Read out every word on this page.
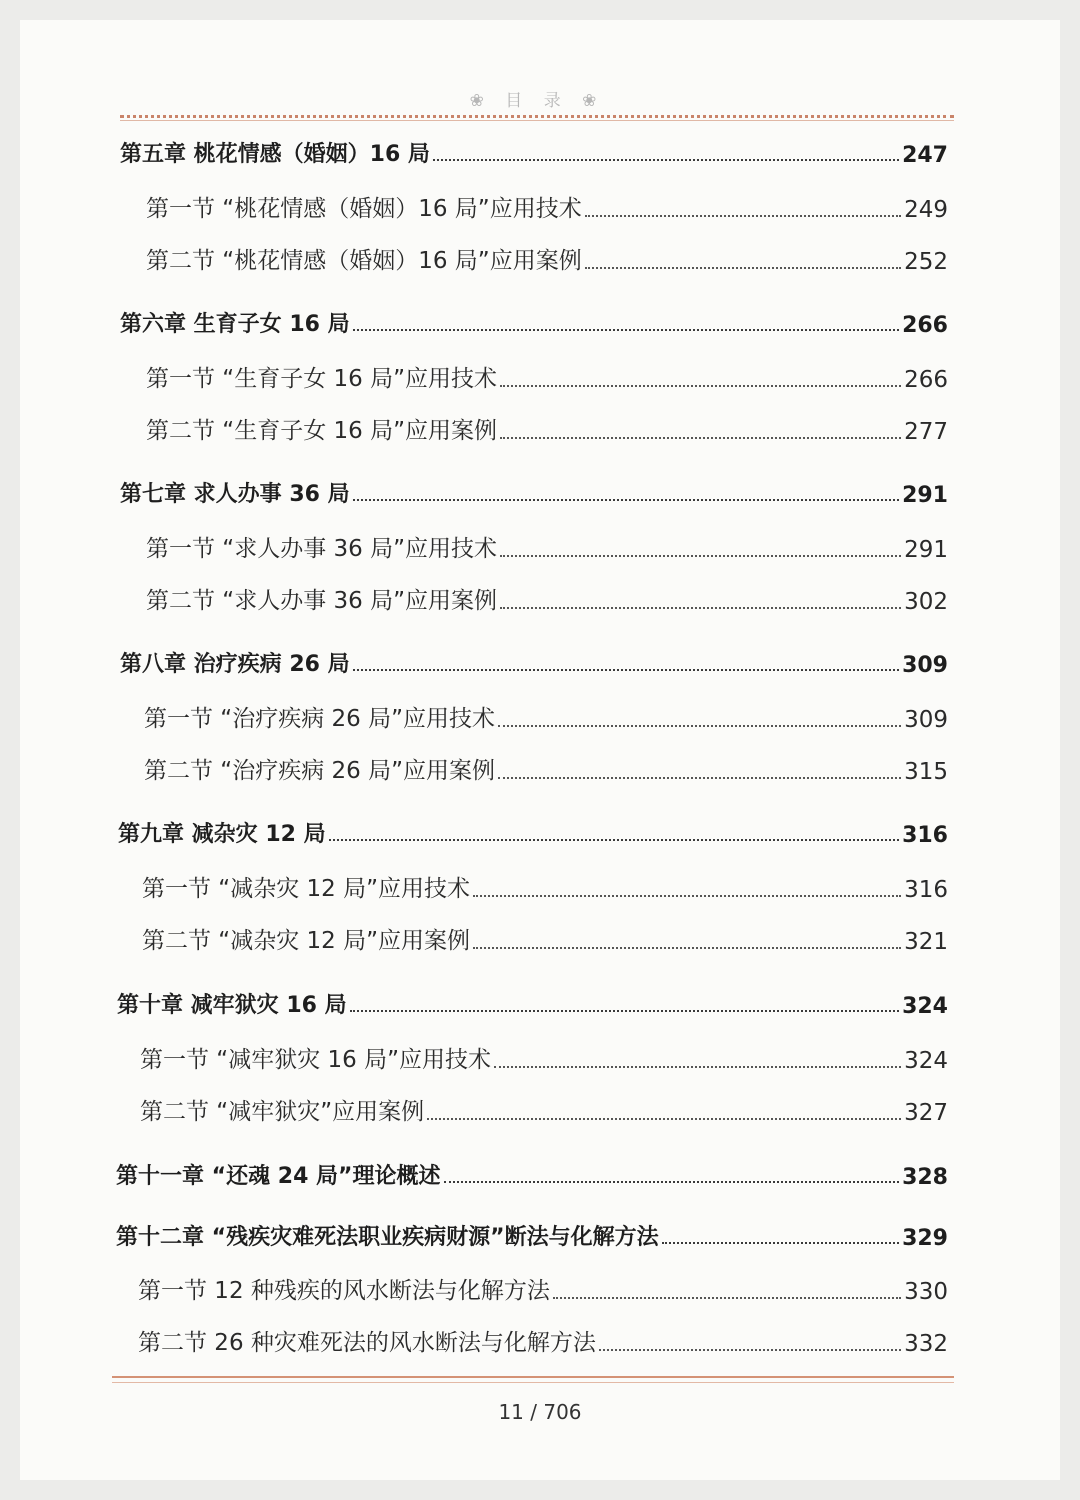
❀ 目 录 ❀
第五章 桃花情感（婚姻）16 局	247
第一节 “桃花情感（婚姻）16 局”应用技术	249
第二节 “桃花情感（婚姻）16 局”应用案例	252
第六章 生育子女 16 局	266
第一节 “生育子女 16 局”应用技术	266
第二节 “生育子女 16 局”应用案例	277
第七章 求人办事 36 局	291
第一节 “求人办事 36 局”应用技术	291
第二节 “求人办事 36 局”应用案例	302
第八章 治疗疾病 26 局	309
第一节 “治疗疾病 26 局”应用技术	309
第二节 “治疗疾病 26 局”应用案例	315
第九章 减杂灾 12 局	316
第一节 “减杂灾 12 局”应用技术	316
第二节 “减杂灾 12 局”应用案例	321
第十章 减牢狱灾 16 局	324
第一节 “减牢狱灾 16 局”应用技术	324
第二节 “减牢狱灾”应用案例	327
第十一章 “还魂 24 局”理论概述	328
第十二章 “残疾灾难死法职业疾病财源”断法与化解方法	329
第一节 12 种残疾的风水断法与化解方法	330
第二节 26 种灾难死法的风水断法与化解方法	332
11 / 706
